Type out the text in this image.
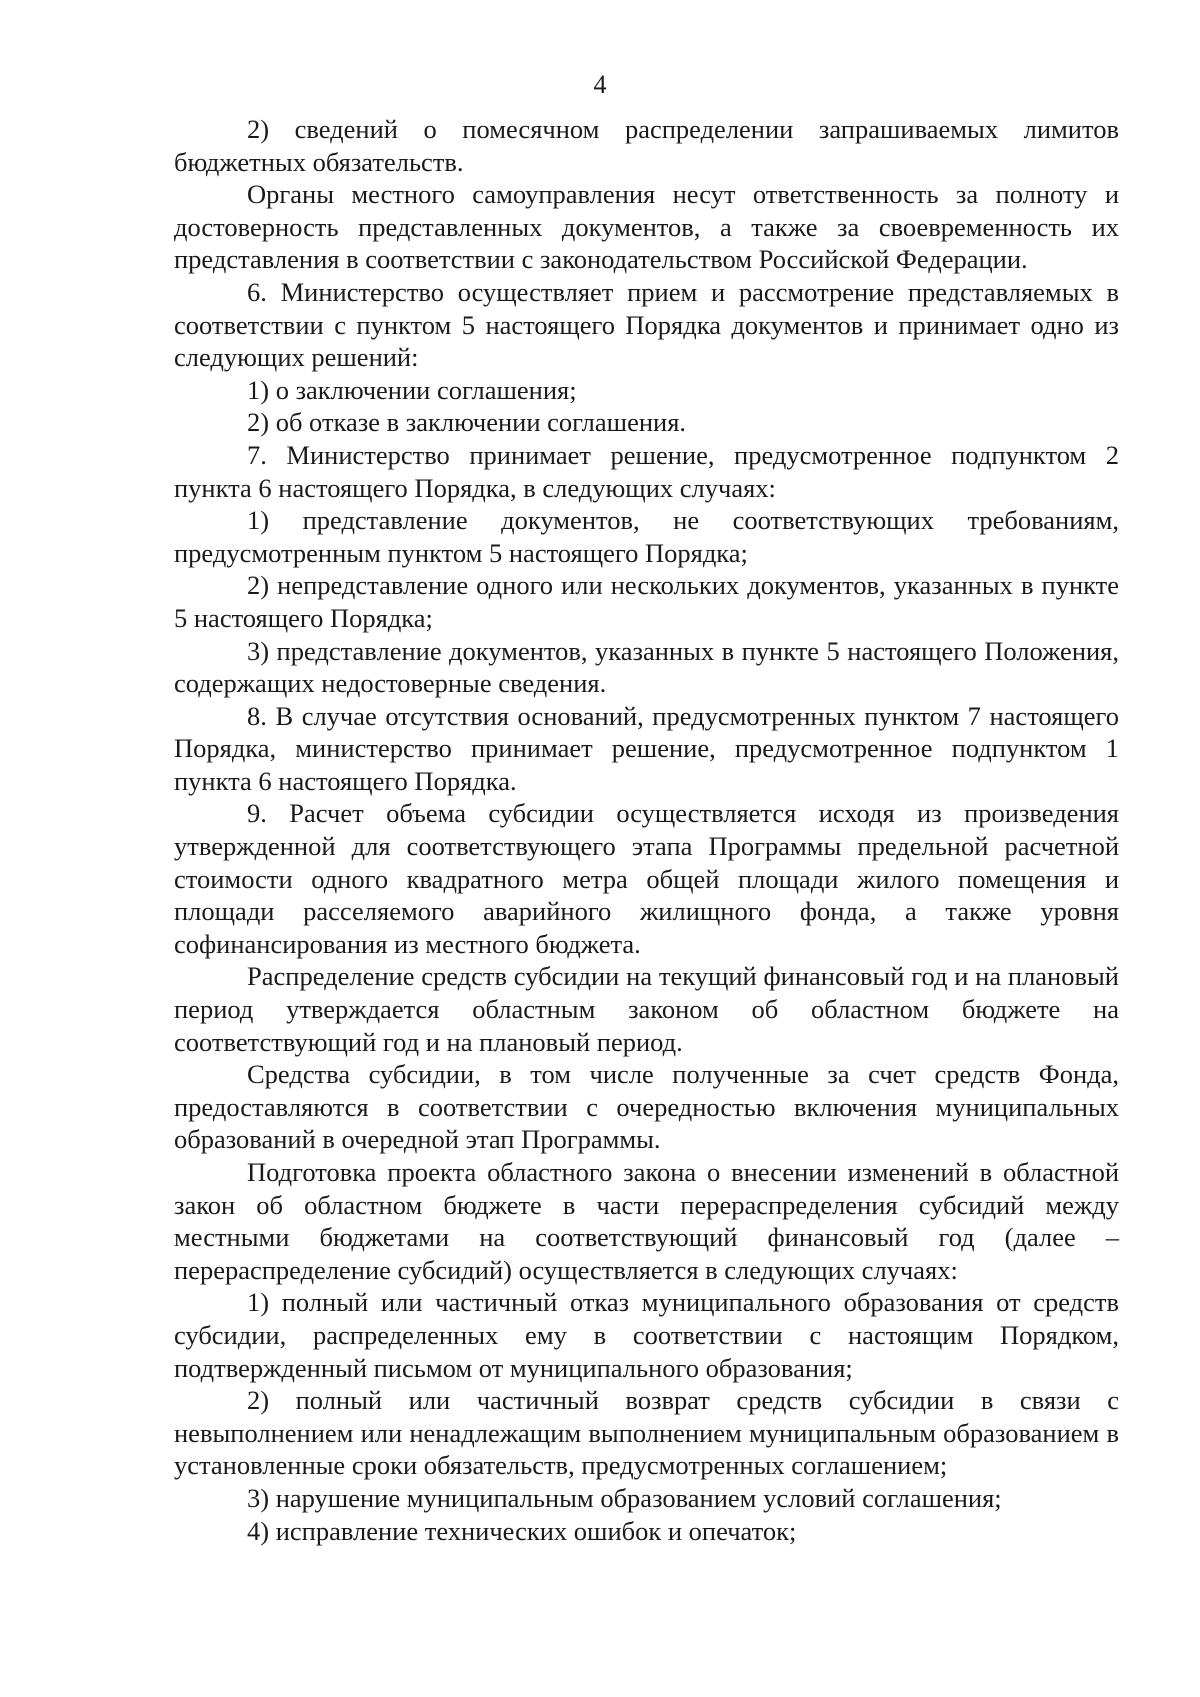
4

2) сведений о помесячном распределении запрашиваемых лимитов бюджетных обязательств.

Органы местного самоуправления несут ответственность за полноту и достоверность представленных документов, а также за своевременность их представления в соответствии с законодательством Российской Федерации.

6. Министерство осуществляет прием и рассмотрение представляемых в соответствии с пунктом 5 настоящего Порядка документов и принимает одно из следующих решений:

1) о заключении соглашения;

2) об отказе в заключении соглашения.

7. Министерство принимает решение, предусмотренное подпунктом 2 пункта 6 настоящего Порядка, в следующих случаях:

1) представление документов, не соответствующих требованиям, предусмотренным пунктом 5 настоящего Порядка;

2) непредставление одного или нескольких документов, указанных в пункте 5 настоящего Порядка;

3) представление документов, указанных в пункте 5 настоящего Положения, содержащих недостоверные сведения.

8. В случае отсутствия оснований, предусмотренных пунктом 7 настоящего Порядка, министерство принимает решение, предусмотренное подпунктом 1 пункта 6 настоящего Порядка.

9. Расчет объема субсидии осуществляется исходя из произведения утвержденной для соответствующего этапа Программы предельной расчетной стоимости одного квадратного метра общей площади жилого помещения и площади расселяемого аварийного жилищного фонда, а также уровня софинансирования из местного бюджета.

Распределение средств субсидии на текущий финансовый год и на плановый период утверждается областным законом об областном бюджете на соответствующий год и на плановый период.

Средства субсидии, в том числе полученные за счет средств Фонда, предоставляются в соответствии с очередностью включения муниципальных образований в очередной этап Программы.

Подготовка проекта областного закона о внесении изменений в областной закон об областном бюджете в части перераспределения субсидий между местными бюджетами на соответствующий финансовый год (далее – перераспределение субсидий) осуществляется в следующих случаях:

1) полный или частичный отказ муниципального образования от средств субсидии, распределенных ему в соответствии с настоящим Порядком, подтвержденный письмом от муниципального образования;

2) полный или частичный возврат средств субсидии в связи с невыполнением или ненадлежащим выполнением муниципальным образованием в установленные сроки обязательств, предусмотренных соглашением;

3) нарушение муниципальным образованием условий соглашения;

4) исправление технических ошибок и опечаток;
